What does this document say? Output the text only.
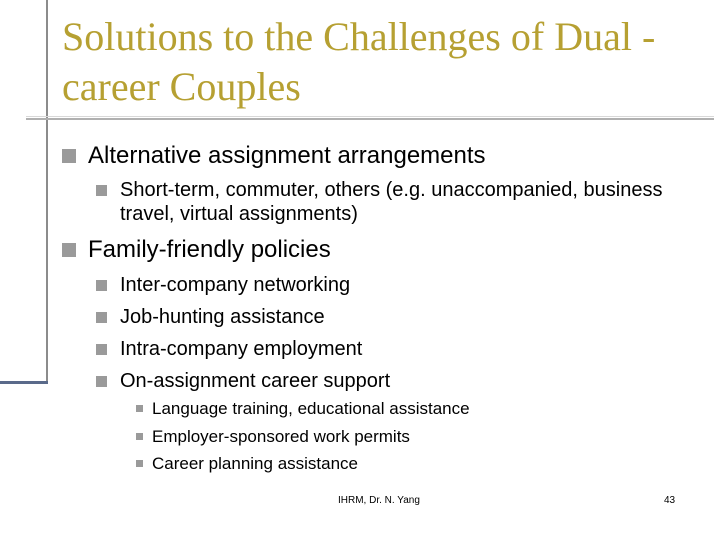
Solutions to the Challenges of Dual -career Couples
Alternative assignment arrangements
Short-term, commuter, others (e.g. unaccompanied, business travel, virtual assignments)
Family-friendly policies
Inter-company networking
Job-hunting assistance
Intra-company employment
On-assignment career support
Language training, educational assistance
Employer-sponsored work permits
Career planning assistance
IHRM, Dr. N. Yang	43
